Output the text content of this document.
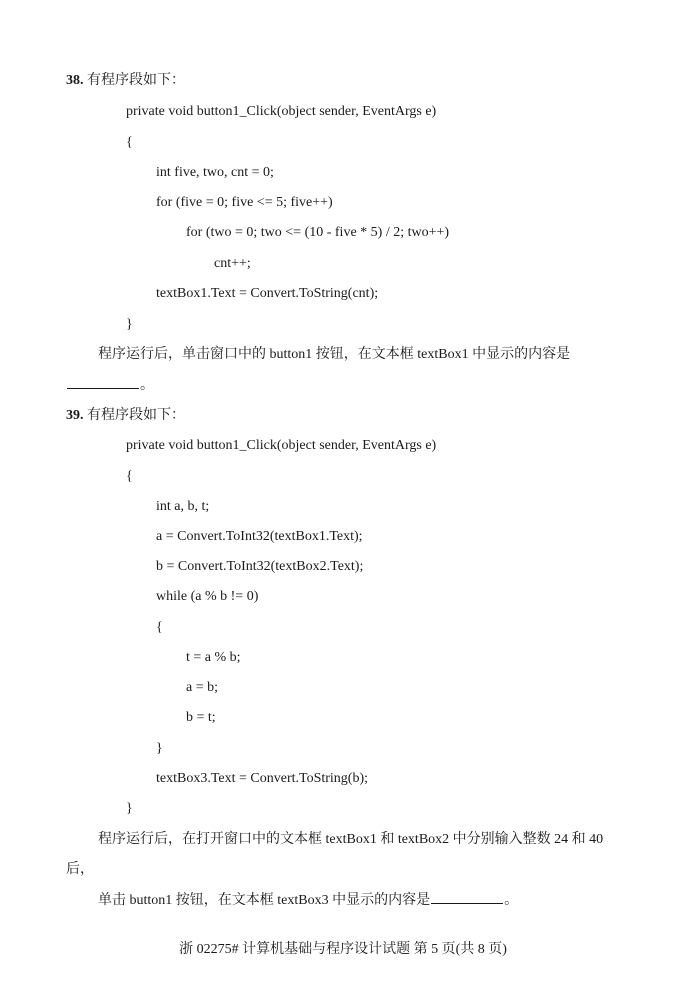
38. 有程序段如下：
private void button1_Click(object sender, EventArgs e)
{
int five, two, cnt = 0;
for (five = 0; five <= 5; five++)
for (two = 0; two <= (10 - five * 5) / 2; two++)
cnt++;
textBox1.Text = Convert.ToString(cnt);
}
程序运行后，单击窗口中的 button1 按钮，在文本框 textBox1 中显示的内容是
。
39. 有程序段如下：
private void button1_Click(object sender, EventArgs e)
{
int a, b, t;
a = Convert.ToInt32(textBox1.Text);
b = Convert.ToInt32(textBox2.Text);
while (a % b != 0)
{
t = a % b;
a = b;
b = t;
}
textBox3.Text = Convert.ToString(b);
}
程序运行后，在打开窗口中的文本框 textBox1 和 textBox2 中分别输入整数 24 和 40
后，
单击 button1 按钮，在文本框 textBox3 中显示的内容是	。
浙 02275# 计算机基础与程序设计试题 第 5 页(共 8 页)
